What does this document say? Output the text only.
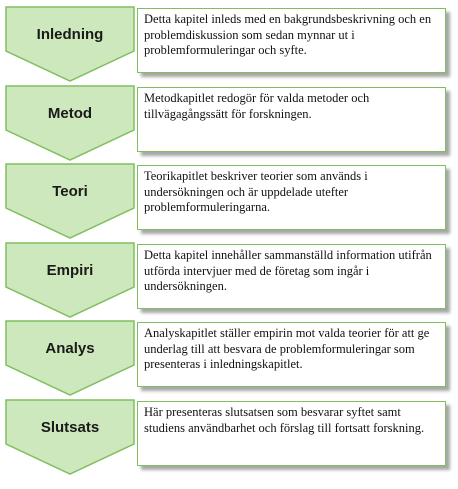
Inledning

Detta kapitel inleds med en bakgrundsbeskrivning och en problemdiskussion som sedan mynnar ut i problemformuleringar och syfte.

Metod

Metodkapitlet redogör för valda metoder och tillvägagångssätt för forskningen.

Teori

Teorikapitlet beskriver teorier som används i undersökningen och är uppdelade utefter problemformuleringarna.

Empiri

Detta kapitel innehåller sammanställd information utifrån utförda intervjuer med de företag som ingår i undersökningen.

Analys

Analyskapitlet ställer empirin mot valda teorier för att ge underlag till att besvara de problemformuleringar som presenteras i inledningskapitlet.

Slutsats

Här presenteras slutsatsen som besvarar syftet samt studiens användbarhet och förslag till fortsatt forskning.
